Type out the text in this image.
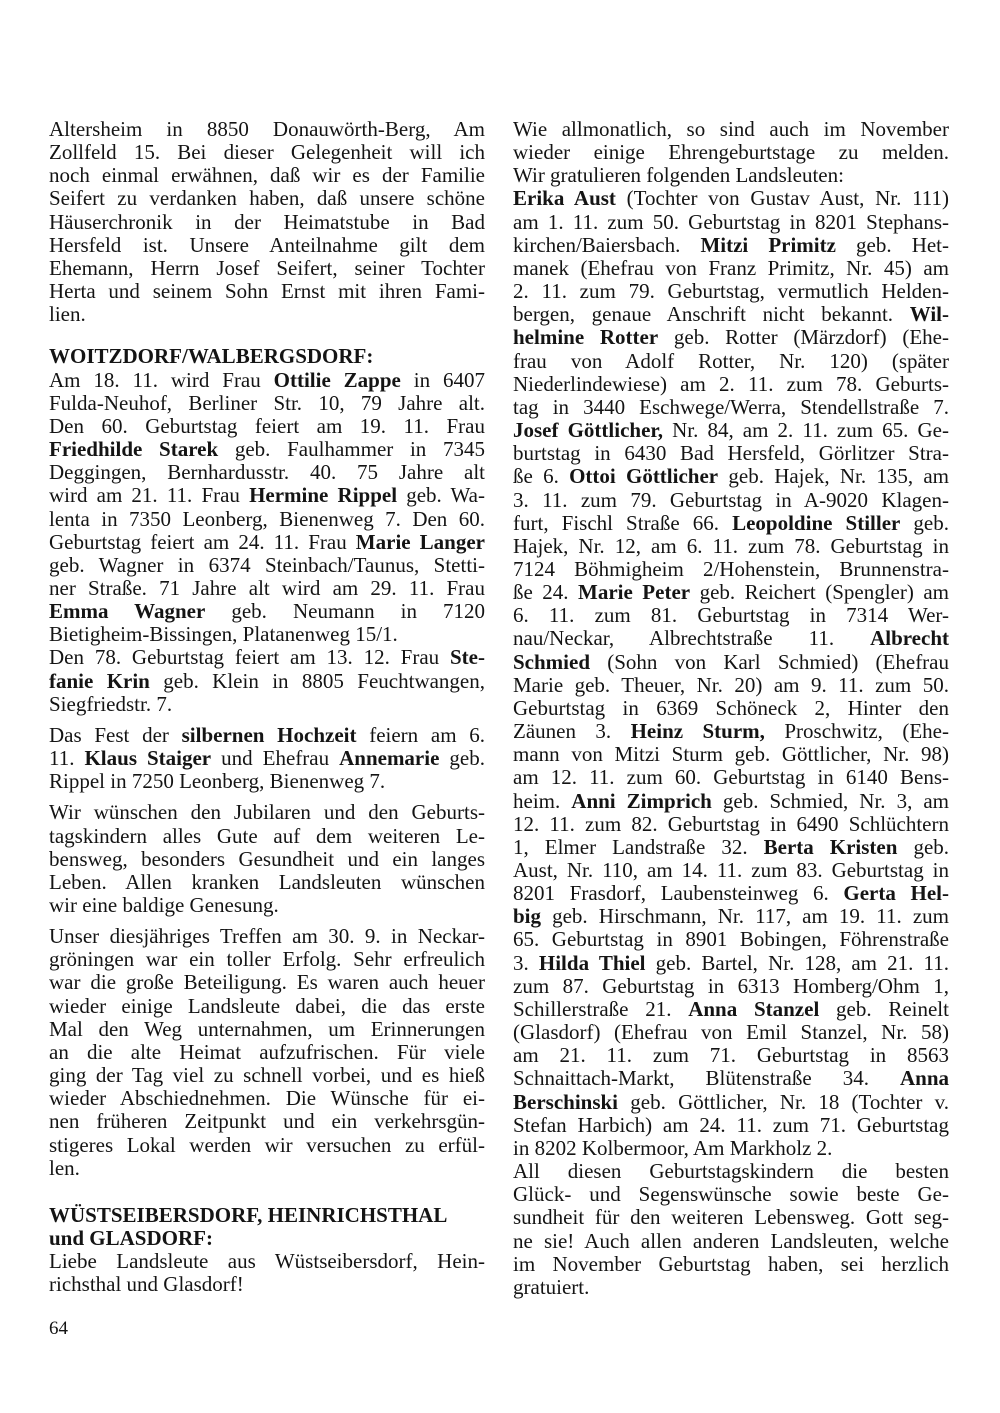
Altersheim in 8850 Donauwörth-Berg, Am
Zollfeld 15. Bei dieser Gelegenheit will ich
noch einmal erwähnen, daß wir es der Familie
Seifert zu verdanken haben, daß unsere schöne
Häuserchronik in der Heimatstube in Bad
Hersfeld ist. Unsere Anteilnahme gilt dem
Ehemann, Herrn Josef Seifert, seiner Tochter
Herta und seinem Sohn Ernst mit ihren Fami-
lien.
WOITZDORF/WALBERGSDORF:
Am 18. 11. wird Frau Ottilie Zappe in 6407
Fulda-Neuhof, Berliner Str. 10, 79 Jahre alt.
Den 60. Geburtstag feiert am 19. 11. Frau
Friedhilde Starek geb. Faulhammer in 7345
Deggingen, Bernhardusstr. 40. 75 Jahre alt
wird am 21. 11. Frau Hermine Rippel geb. Wa-
lenta in 7350 Leonberg, Bienenweg 7. Den 60.
Geburtstag feiert am 24. 11. Frau Marie Langer
geb. Wagner in 6374 Steinbach/Taunus, Stetti-
ner Straße. 71 Jahre alt wird am 29. 11. Frau
Emma Wagner geb. Neumann in 7120
Bietigheim-Bissingen, Platanenweg 15/1.
Den 78. Geburtstag feiert am 13. 12. Frau Ste-
fanie Krin geb. Klein in 8805 Feuchtwangen,
Siegfriedstr. 7.
Das Fest der silbernen Hochzeit feiern am 6.
11. Klaus Staiger und Ehefrau Annemarie geb.
Rippel in 7250 Leonberg, Bienenweg 7.
Wir wünschen den Jubilaren und den Geburts-
tagskindern alles Gute auf dem weiteren Le-
bensweg, besonders Gesundheit und ein langes
Leben. Allen kranken Landsleuten wünschen
wir eine baldige Genesung.
Unser diesjähriges Treffen am 30. 9. in Neckar-
gröningen war ein toller Erfolg. Sehr erfreulich
war die große Beteiligung. Es waren auch heuer
wieder einige Landsleute dabei, die das erste
Mal den Weg unternahmen, um Erinnerungen
an die alte Heimat aufzufrischen. Für viele
ging der Tag viel zu schnell vorbei, und es hieß
wieder Abschiednehmen. Die Wünsche für ei-
nen früheren Zeitpunkt und ein verkehrsgün-
stigeres Lokal werden wir versuchen zu erfül-
len.
WÜSTSEIBERSDORF, HEINRICHSTHAL
und GLASDORF:
Liebe Landsleute aus Wüstseibersdorf, Hein-
richsthal und Glasdorf!
Wie allmonatlich, so sind auch im November
wieder einige Ehrengeburtstage zu melden.
Wir gratulieren folgenden Landsleuten:
Erika Aust (Tochter von Gustav Aust, Nr. 111)
am 1. 11. zum 50. Geburtstag in 8201 Stephans-
kirchen/Baiersbach. Mitzi Primitz geb. Het-
manek (Ehefrau von Franz Primitz, Nr. 45) am
2. 11. zum 79. Geburtstag, vermutlich Helden-
bergen, genaue Anschrift nicht bekannt. Wil-
helmine Rotter geb. Rotter (Märzdorf) (Ehe-
frau von Adolf Rotter, Nr. 120) (später
Niederlindewiese) am 2. 11. zum 78. Geburts-
tag in 3440 Eschwege/Werra, Stendellstraße 7.
Josef Göttlicher, Nr. 84, am 2. 11. zum 65. Ge-
burtstag in 6430 Bad Hersfeld, Görlitzer Stra-
ße 6. Ottoi Göttlicher geb. Hajek, Nr. 135, am
3. 11. zum 79. Geburtstag in A-9020 Klagen-
furt, Fischl Straße 66. Leopoldine Stiller geb.
Hajek, Nr. 12, am 6. 11. zum 78. Geburtstag in
7124 Böhmigheim 2/Hohenstein, Brunnenstra-
ße 24. Marie Peter geb. Reichert (Spengler) am
6. 11. zum 81. Geburtstag in 7314 Wer-
nau/Neckar, Albrechtstraße 11. Albrecht
Schmied (Sohn von Karl Schmied) (Ehefrau
Marie geb. Theuer, Nr. 20) am 9. 11. zum 50.
Geburtstag in 6369 Schöneck 2, Hinter den
Zäunen 3. Heinz Sturm, Proschwitz, (Ehe-
mann von Mitzi Sturm geb. Göttlicher, Nr. 98)
am 12. 11. zum 60. Geburtstag in 6140 Bens-
heim. Anni Zimprich geb. Schmied, Nr. 3, am
12. 11. zum 82. Geburtstag in 6490 Schlüchtern
1, Elmer Landstraße 32. Berta Kristen geb.
Aust, Nr. 110, am 14. 11. zum 83. Geburtstag in
8201 Frasdorf, Laubensteinweg 6. Gerta Hel-
big geb. Hirschmann, Nr. 117, am 19. 11. zum
65. Geburtstag in 8901 Bobingen, Föhrenstraße
3. Hilda Thiel geb. Bartel, Nr. 128, am 21. 11.
zum 87. Geburtstag in 6313 Homberg/Ohm 1,
Schillerstraße 21. Anna Stanzel geb. Reinelt
(Glasdorf) (Ehefrau von Emil Stanzel, Nr. 58)
am 21. 11. zum 71. Geburtstag in 8563
Schnaittach-Markt, Blütenstraße 34. Anna
Berschinski geb. Göttlicher, Nr. 18 (Tochter v.
Stefan Harbich) am 24. 11. zum 71. Geburtstag
in 8202 Kolbermoor, Am Markholz 2.
All diesen Geburtstagskindern die besten
Glück- und Segenswünsche sowie beste Ge-
sundheit für den weiteren Lebensweg. Gott seg-
ne sie! Auch allen anderen Landsleuten, welche
im November Geburtstag haben, sei herzlich
gratuiert.
64
